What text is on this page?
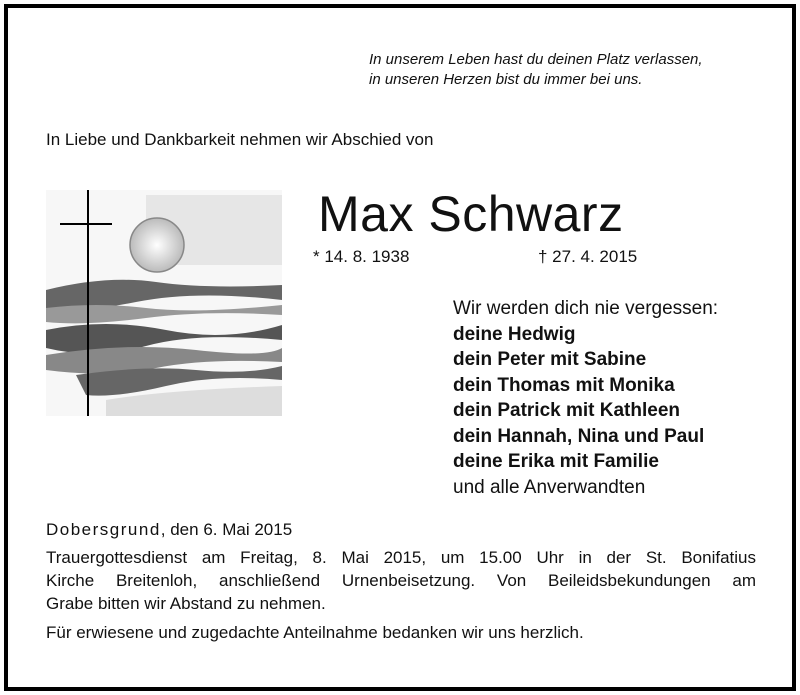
In unserem Leben hast du deinen Platz verlassen,
in unseren Herzen bist du immer bei uns.
In Liebe und Dankbarkeit nehmen wir Abschied von
Max Schwarz
* 14. 8. 1938	† 27. 4. 2015
Wir werden dich nie vergessen:
deine Hedwig
dein Peter mit Sabine
dein Thomas mit Monika
dein Patrick mit Kathleen
dein Hannah, Nina und Paul
deine Erika mit Familie
und alle Anverwandten
Dobersgrund, den 6. Mai 2015
Trauergottesdienst am Freitag, 8. Mai 2015, um 15.00 Uhr in der St. Bonifatius
Kirche Breitenloh, anschließend Urnenbeisetzung. Von Beileidsbekundungen am
Grabe bitten wir Abstand zu nehmen.
Für erwiesene und zugedachte Anteilnahme bedanken wir uns herzlich.
